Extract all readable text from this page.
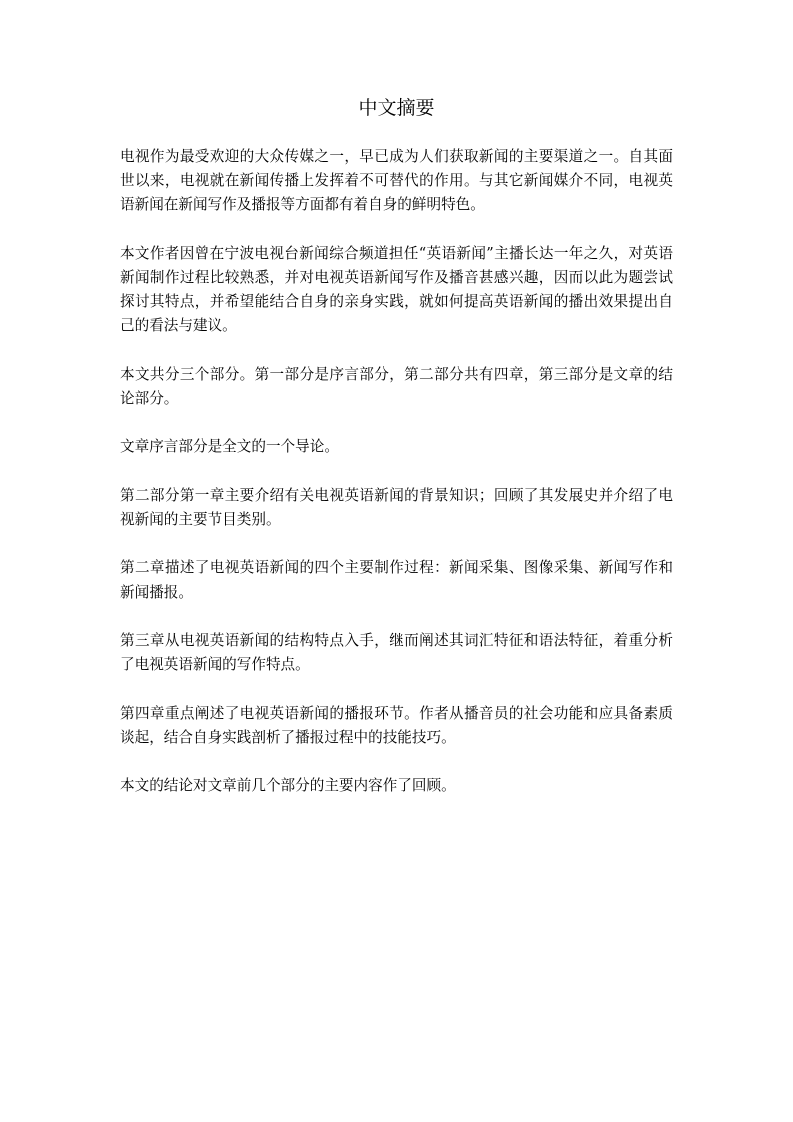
中文摘要

电视作为最受欢迎的大众传媒之一，早已成为人们获取新闻的主要渠道之一。自其面世以来，电视就在新闻传播上发挥着不可替代的作用。与其它新闻媒介不同，电视英语新闻在新闻写作及播报等方面都有着自身的鲜明特色。

本文作者因曾在宁波电视台新闻综合频道担任“英语新闻”主播长达一年之久，对英语新闻制作过程比较熟悉，并对电视英语新闻写作及播音甚感兴趣，因而以此为题尝试探讨其特点，并希望能结合自身的亲身实践，就如何提高英语新闻的播出效果提出自己的看法与建议。

本文共分三个部分。第一部分是序言部分，第二部分共有四章，第三部分是文章的结论部分。

文章序言部分是全文的一个导论。

第二部分第一章主要介绍有关电视英语新闻的背景知识；回顾了其发展史并介绍了电视新闻的主要节目类别。

第二章描述了电视英语新闻的四个主要制作过程：新闻采集、图像采集、新闻写作和新闻播报。

第三章从电视英语新闻的结构特点入手，继而阐述其词汇特征和语法特征，着重分析了电视英语新闻的写作特点。

第四章重点阐述了电视英语新闻的播报环节。作者从播音员的社会功能和应具备素质谈起，结合自身实践剖析了播报过程中的技能技巧。

本文的结论对文章前几个部分的主要内容作了回顾。
